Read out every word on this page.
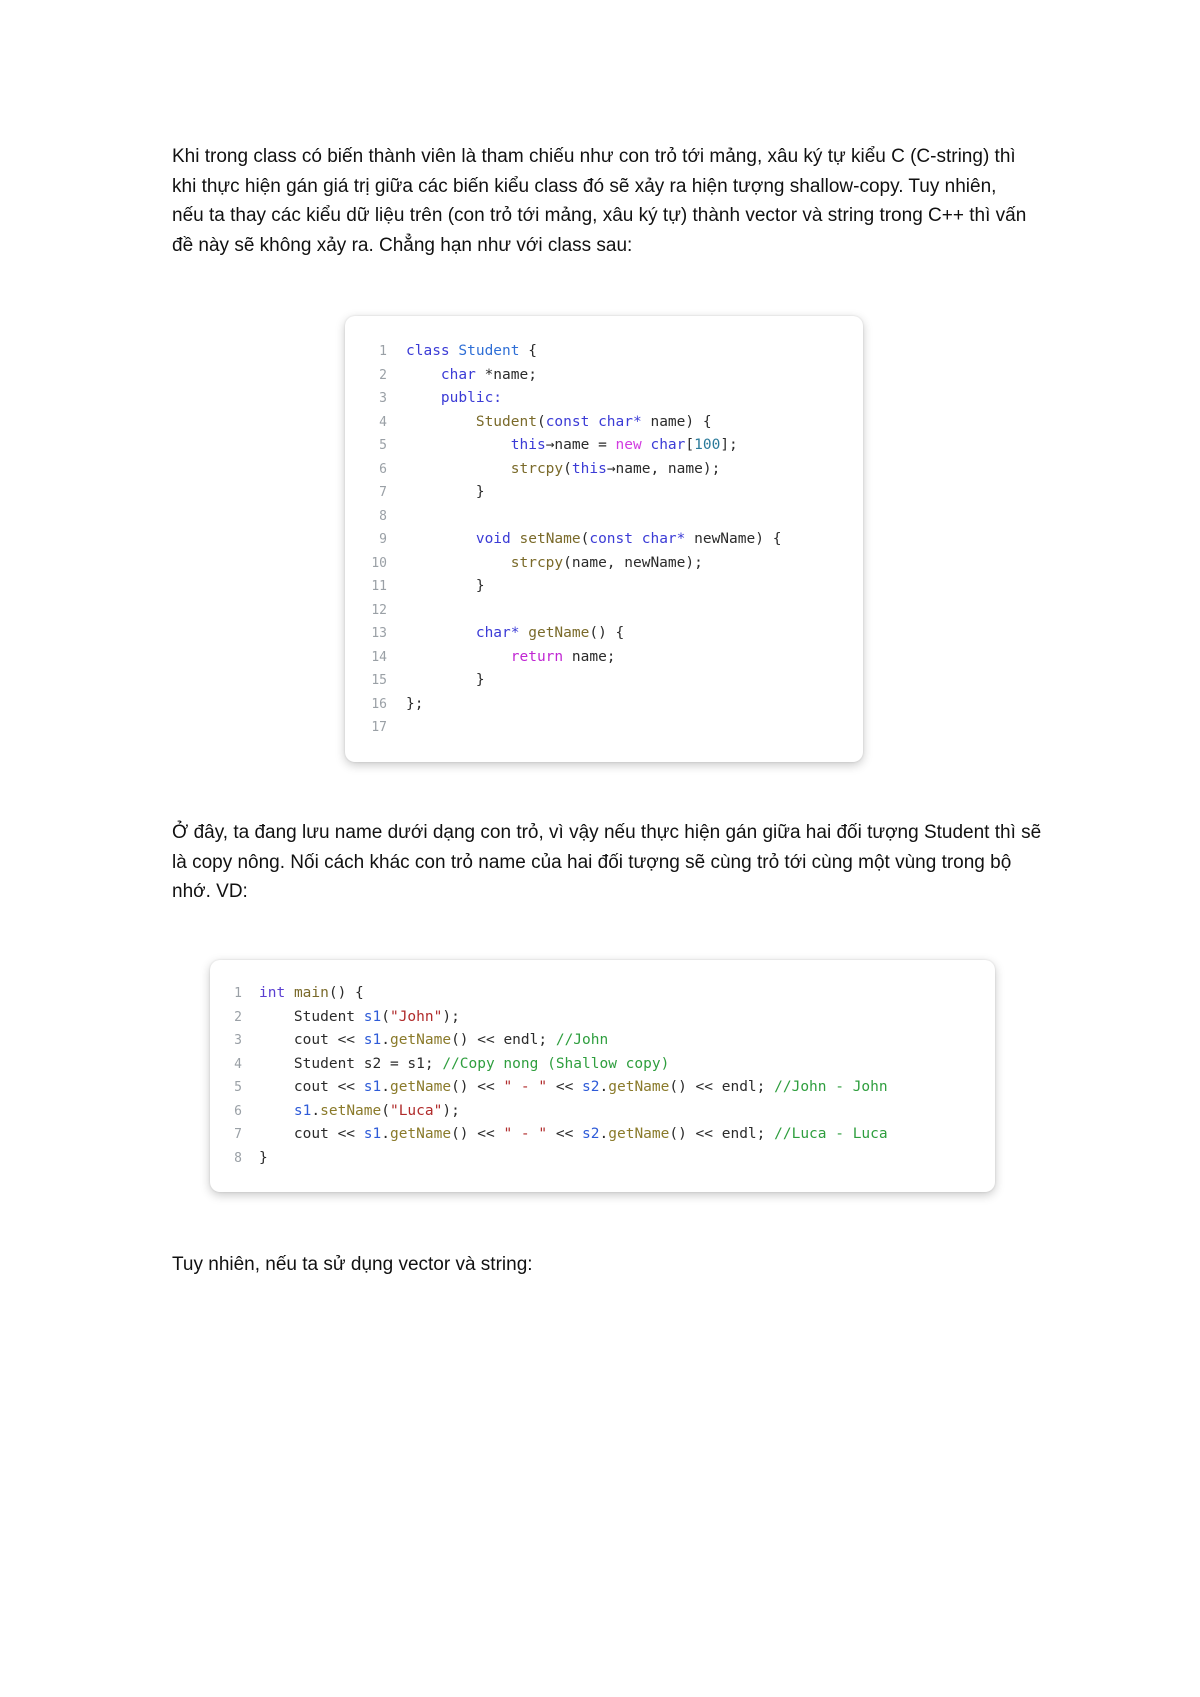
Khi trong class có biến thành viên là tham chiếu như con trỏ tới mảng, xâu ký tự kiểu C (C-string) thì khi thực hiện gán giá trị giữa các biến kiểu class đó sẽ xảy ra hiện tượng shallow-copy. Tuy nhiên, nếu ta thay các kiểu dữ liệu trên (con trỏ tới mảng, xâu ký tự) thành vector và string trong C++ thì vấn đề này sẽ không xảy ra. Chẳng hạn như với class sau:

1 class Student {
2	char *name;
3	public:
4	Student(const char* name) {
5	this→name = new char[100];
6	strcpy(this→name, name);
7 }
8
9	void setName(const char* newName) {
10	strcpy(name, newName);
11 }
12
13	char* getName() {
14	return name;
15 }
16 };
17

Ở đây, ta đang lưu name dưới dạng con trỏ, vì vậy nếu thực hiện gán giữa hai đối tượng Student thì sẽ là copy nông. Nối cách khác con trỏ name của hai đối tượng sẽ cùng trỏ tới cùng một vùng trong bộ nhớ. VD:

1 int main() {
2 Student s1("John");
3 cout << s1.getName() << endl; //John
4 Student s2 = s1; //Copy nong (Shallow copy)
5 cout << s1.getName() << " - " << s2.getName() << endl; //John - John
6	s1.setName("Luca");
7 cout << s1.getName() << " - " << s2.getName() << endl; //Luca - Luca
8 }

Tuy nhiên, nếu ta sử dụng vector và string:
